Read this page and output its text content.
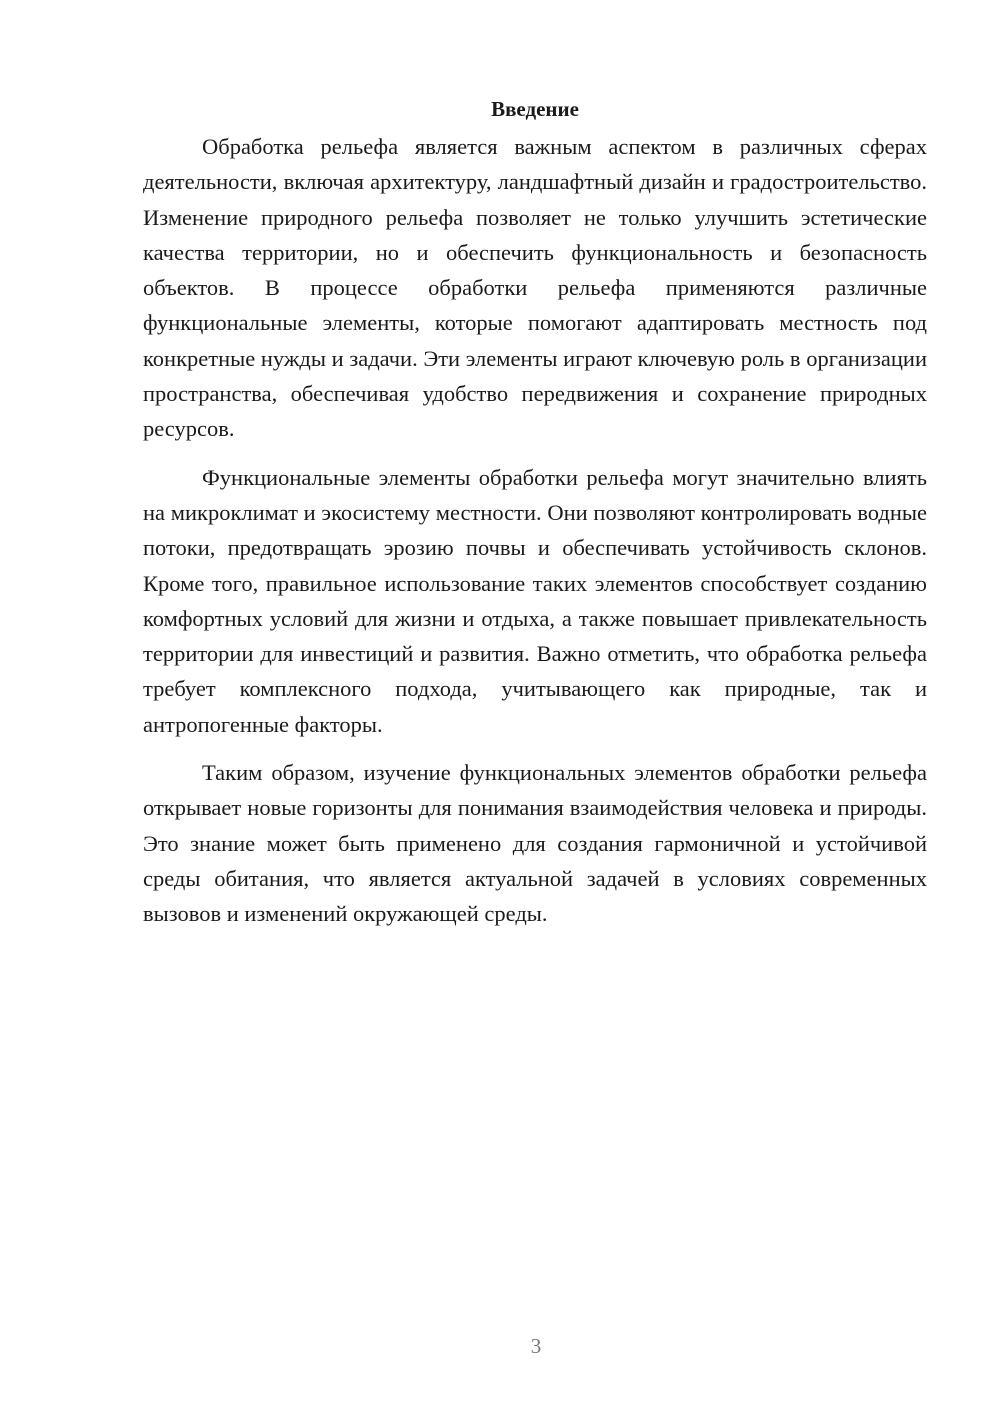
Введение

Обработка рельефа является важным аспектом в различных сферах деятельности, включая архитектуру, ландшафтный дизайн и градостроительство. Изменение природного рельефа позволяет не только улучшить эстетические качества территории, но и обеспечить функциональность и безопасность объектов. В процессе обработки рельефа применяются различные функциональные элементы, которые помогают адаптировать местность под конкретные нужды и задачи. Эти элементы играют ключевую роль в организации пространства, обеспечивая удобство передвижения и сохранение природных ресурсов.

Функциональные элементы обработки рельефа могут значительно влиять на микроклимат и экосистему местности. Они позволяют контролировать водные потоки, предотвращать эрозию почвы и обеспечивать устойчивость склонов. Кроме того, правильное использование таких элементов способствует созданию комфортных условий для жизни и отдыха, а также повышает привлекательность территории для инвестиций и развития. Важно отметить, что обработка рельефа требует комплексного подхода, учитывающего как природные, так и антропогенные факторы.

Таким образом, изучение функциональных элементов обработки рельефа открывает новые горизонты для понимания взаимодействия человека и природы. Это знание может быть применено для создания гармоничной и устойчивой среды обитания, что является актуальной задачей в условиях современных вызовов и изменений окружающей среды.

3
